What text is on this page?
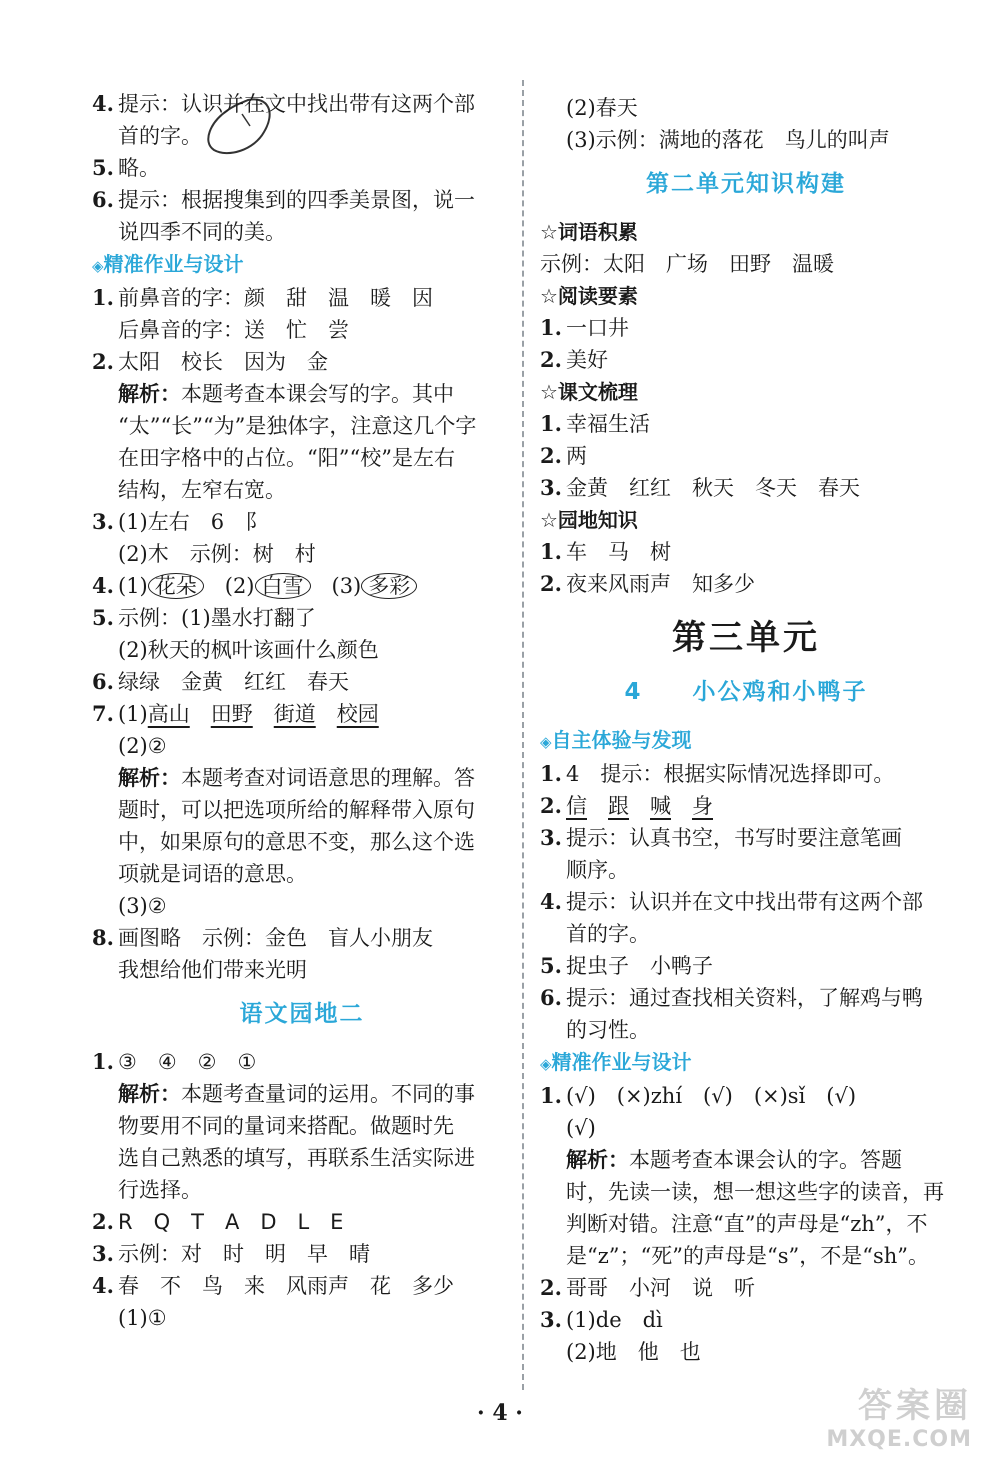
4. 提示：认识并在文中找出带有这两个部
首的字。
5. 略。
6. 提示：根据搜集到的四季美景图，说一
说四季不同的美。
◈精准作业与设计
1. 前鼻音的字：颜　甜　温　暖　因
后鼻音的字：送　忙　尝
2. 太阳　校长　因为　金
解析：本题考查本课会写的字。其中
“太”“长”“为”是独体字，注意这几个字
在田字格中的占位。“阳”“校”是左右
结构，左窄右宽。
3. (1)左右　6　阝
(2)木　示例：树　村
4. (1) 花朵　 (2) 白雪　 (3) 多彩
5. 示例：(1)墨水打翻了
(2)秋天的枫叶该画什么颜色
6. 绿绿　金黄　红红　春天
7. (1)高山　 田野　 街道　 校园
(2)②
解析：本题考查对词语意思的理解。答
题时，可以把选项所给的解释带入原句
中，如果原句的意思不变，那么这个选
项就是词语的意思。
(3)②
8. 画图略　示例：金色　盲人小朋友
我想给他们带来光明
语文园地二
1. ③　④　②　①
解析：本题考查量词的运用。不同的事
物要用不同的量词来搭配。做题时先
选自己熟悉的填写，再联系生活实际进
行选择。
2. R　Q　T　A　D　L　E
3. 示例：对　时　明　早　晴
4. 春　不　鸟　来　风雨声　花　多少
(1)①
(2)春天
(3)示例：满地的落花　鸟儿的叫声
第二单元知识构建
☆词语积累
示例：太阳　广场　田野　温暖
☆阅读要素
1. 一口井
2. 美好
☆课文梳理
1. 幸福生活
2. 两
3. 金黄　红红　秋天　冬天　春天
☆园地知识
1. 车　马　树
2. 夜来风雨声　知多少
第三单元
4　　 小公鸡和小鸭子
◈自主体验与发现
1. 4　提示：根据实际情况选择即可。
2. 信　 跟　 喊　 身
3. 提示：认真书空，书写时要注意笔画
顺序。
4. 提示：认识并在文中找出带有这两个部
首的字。
5. 捉虫子　小鸭子
6. 提示：通过查找相关资料，了解鸡与鸭
的习性。
◈精准作业与设计
1. (√)　(×)zhí　(√)　(×)sǐ　(√)
(√)
解析：本题考查本课会认的字。答题
时，先读一读，想一想这些字的读音，再
判断对错。注意“直”的声母是“zh”，不
是“z”；“死”的声母是“s”，不是“sh”。
2. 哥哥　小河　说　听
3. (1)de　dì
(2)地　他　也
· 4 ·	答案圈
MXQE.COM
